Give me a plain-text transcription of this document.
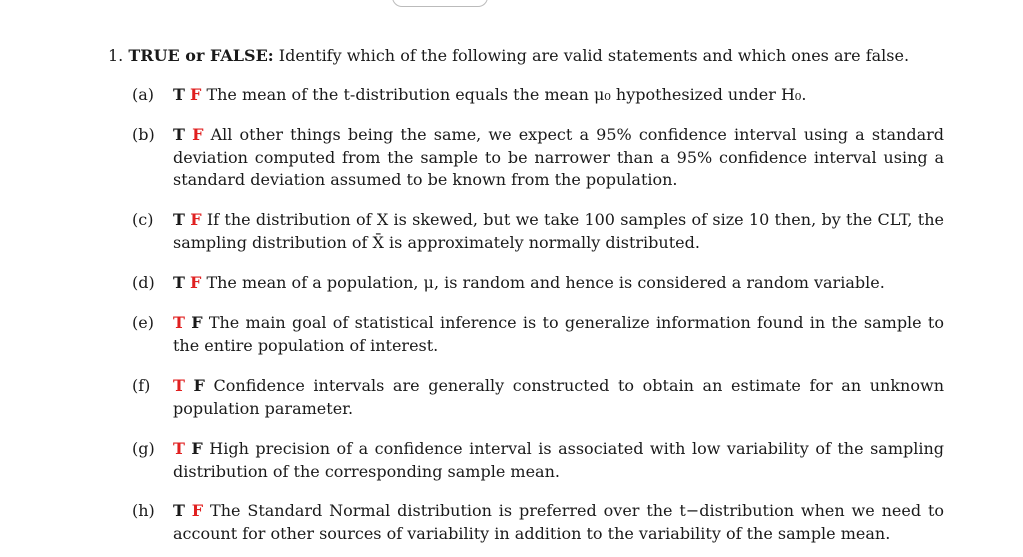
1. TRUE or FALSE: Identify which of the following are valid statements and which ones are false.
(a)	T F The mean of the t-distribution equals the mean μ₀ hypothesized under H₀.
(b)	T F All other things being the same, we expect a 95% confidence interval using a standard deviation computed from the sample to be narrower than a 95% confidence interval using a standard deviation assumed to be known from the population.
(c)	T F If the distribution of X is skewed, but we take 100 samples of size 10 then, by the CLT, the sampling distribution of X̄ is approximately normally distributed.
(d)	T F The mean of a population, μ, is random and hence is considered a random variable.
(e)	T F The main goal of statistical inference is to generalize information found in the sample to the entire population of interest.
(f)	T F Confidence intervals are generally constructed to obtain an estimate for an unknown population parameter.
(g)	T F High precision of a confidence interval is associated with low variability of the sampling distribution of the corresponding sample mean.
(h)	T F The Standard Normal distribution is preferred over the t−distribution when we need to account for other sources of variability in addition to the variability of the sample mean.
